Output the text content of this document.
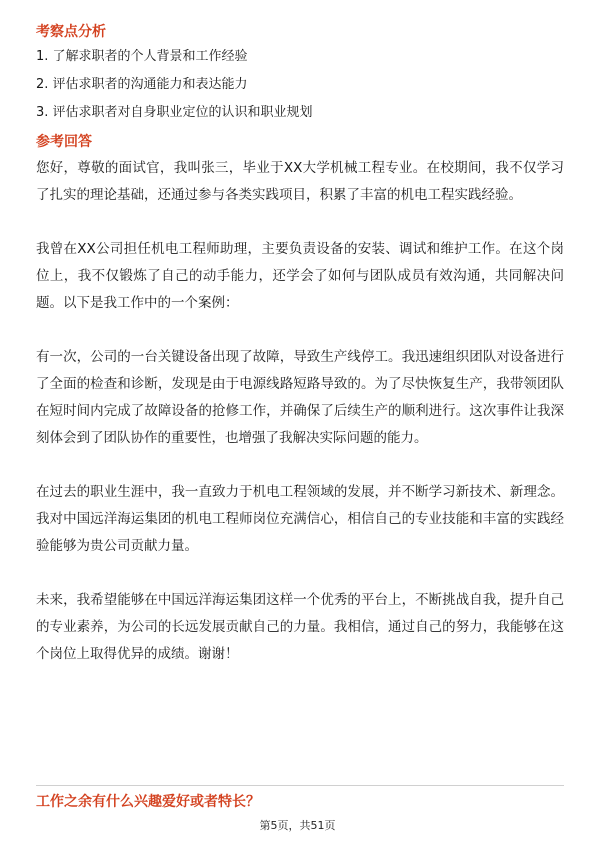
考察点分析
1. 了解求职者的个人背景和工作经验
2. 评估求职者的沟通能力和表达能力
3. 评估求职者对自身职业定位的认识和职业规划
参考回答
您好，尊敬的面试官，我叫张三，毕业于XX大学机械工程专业。在校期间，我不仅学习了扎实的理论基础，还通过参与各类实践项目，积累了丰富的机电工程实践经验。
我曾在XX公司担任机电工程师助理，主要负责设备的安装、调试和维护工作。在这个岗位上，我不仅锻炼了自己的动手能力，还学会了如何与团队成员有效沟通，共同解决问题。以下是我工作中的一个案例：
有一次，公司的一台关键设备出现了故障，导致生产线停工。我迅速组织团队对设备进行了全面的检查和诊断，发现是由于电源线路短路导致的。为了尽快恢复生产，我带领团队在短时间内完成了故障设备的抢修工作，并确保了后续生产的顺利进行。这次事件让我深刻体会到了团队协作的重要性，也增强了我解决实际问题的能力。
在过去的职业生涯中，我一直致力于机电工程领域的发展，并不断学习新技术、新理念。我对中国远洋海运集团的机电工程师岗位充满信心，相信自己的专业技能和丰富的实践经验能够为贵公司贡献力量。
未来，我希望能够在中国远洋海运集团这样一个优秀的平台上，不断挑战自我，提升自己的专业素养，为公司的长远发展贡献自己的力量。我相信，通过自己的努力，我能够在这个岗位上取得优异的成绩。谢谢！
工作之余有什么兴趣爱好或者特长？
第5页，共51页
